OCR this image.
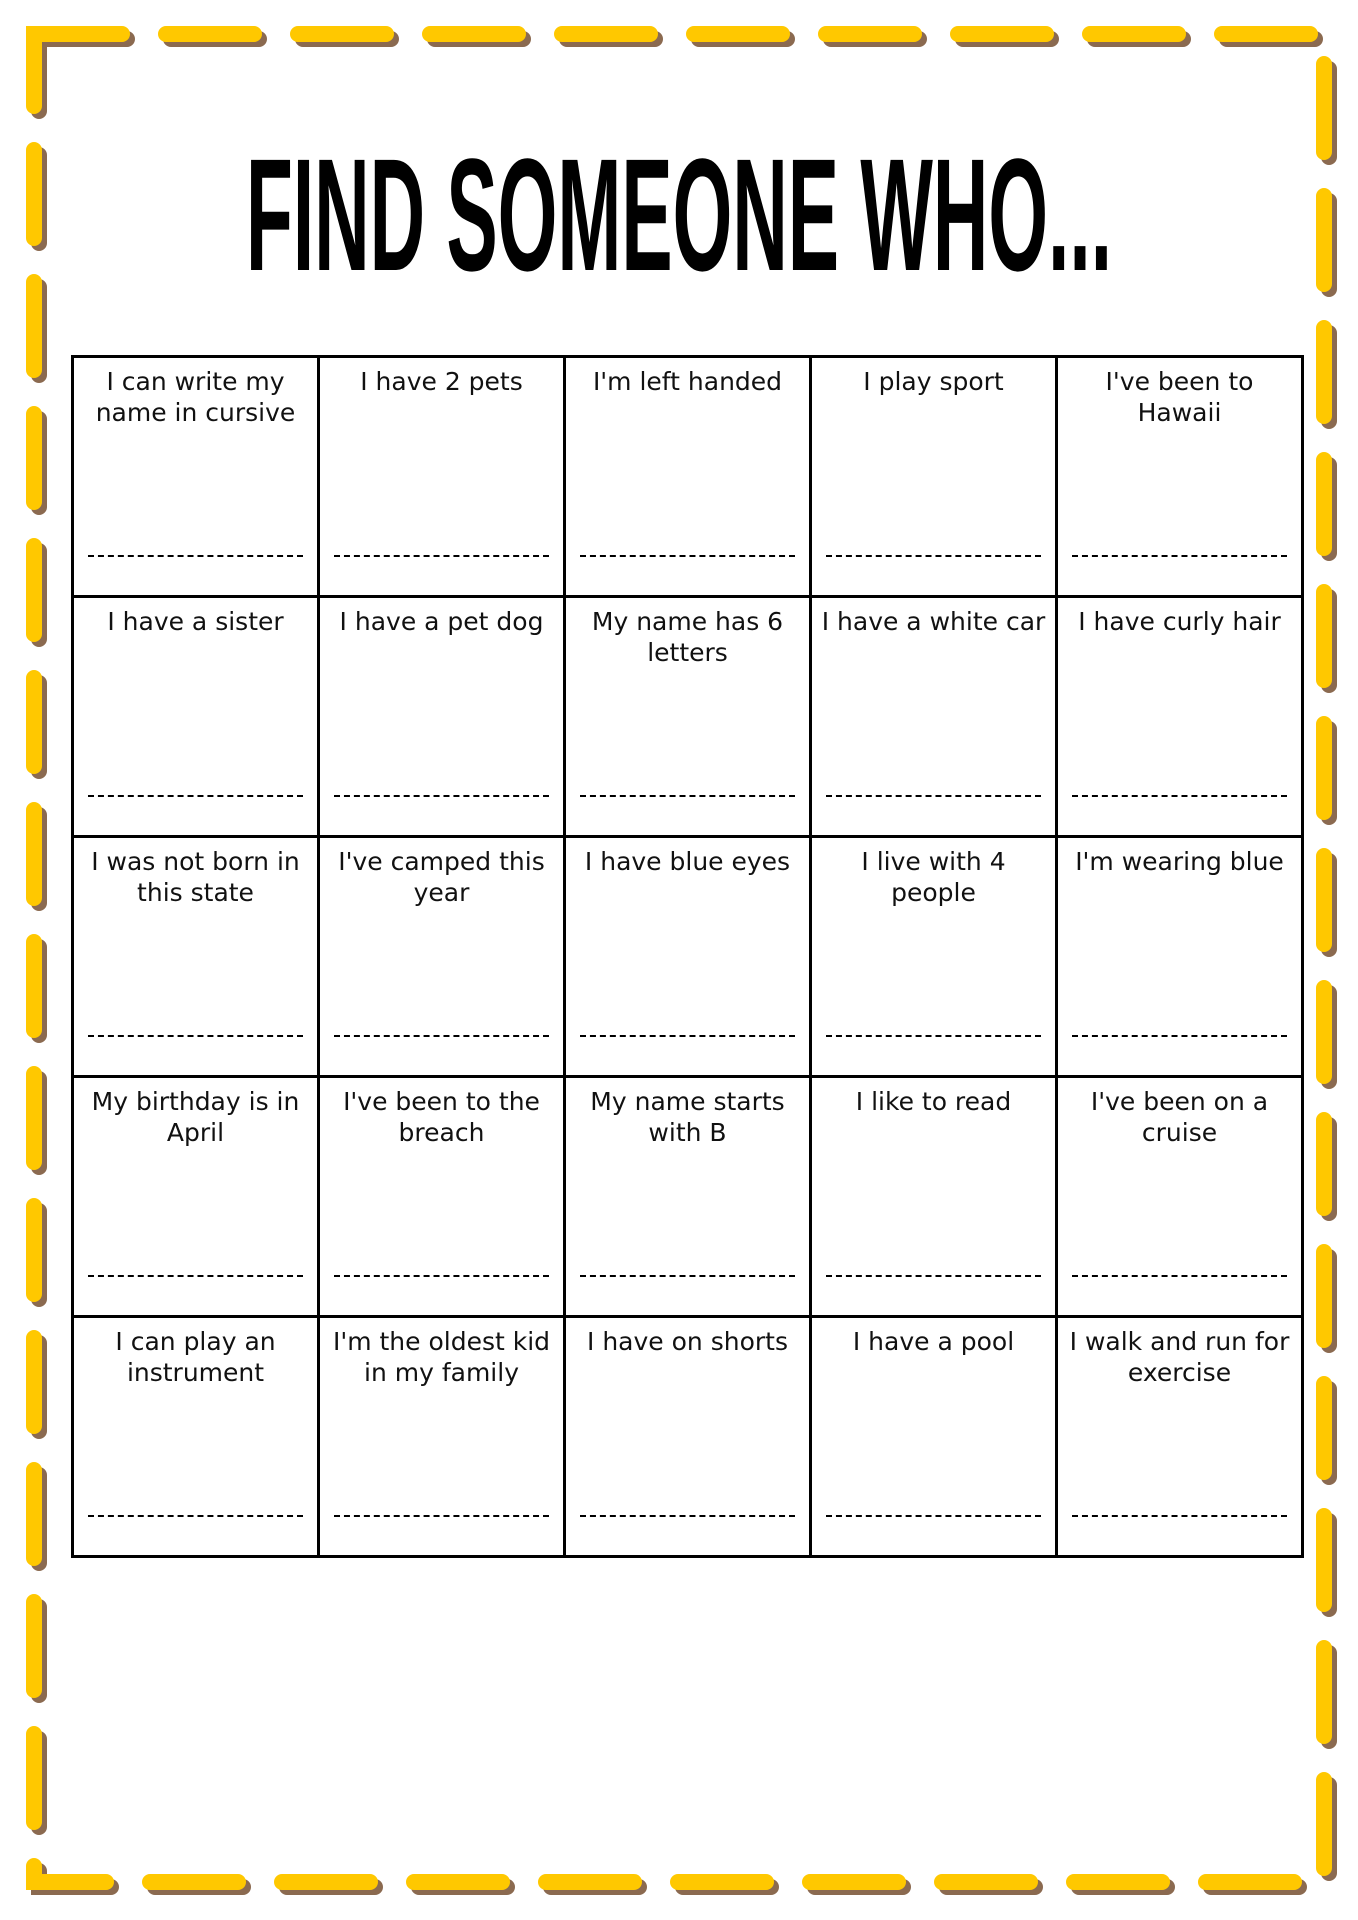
FIND SOMEONE WHO...
I can write my name in cursive	I have 2 pets	I'm left handed	I play sport	I've been to Hawaii

I have a sister	I have a pet dog	My name has 6 letters	I have a white car	I have curly hair

I was not born in this state	I've camped this year	I have blue eyes	I live with 4 people	I'm wearing blue

My birthday is in April	I've been to the breach	My name starts with B	I like to read	I've been on a cruise

I can play an instrument	I'm the oldest kid in my family	I have on shorts	I have a pool	I walk and run for exercise
